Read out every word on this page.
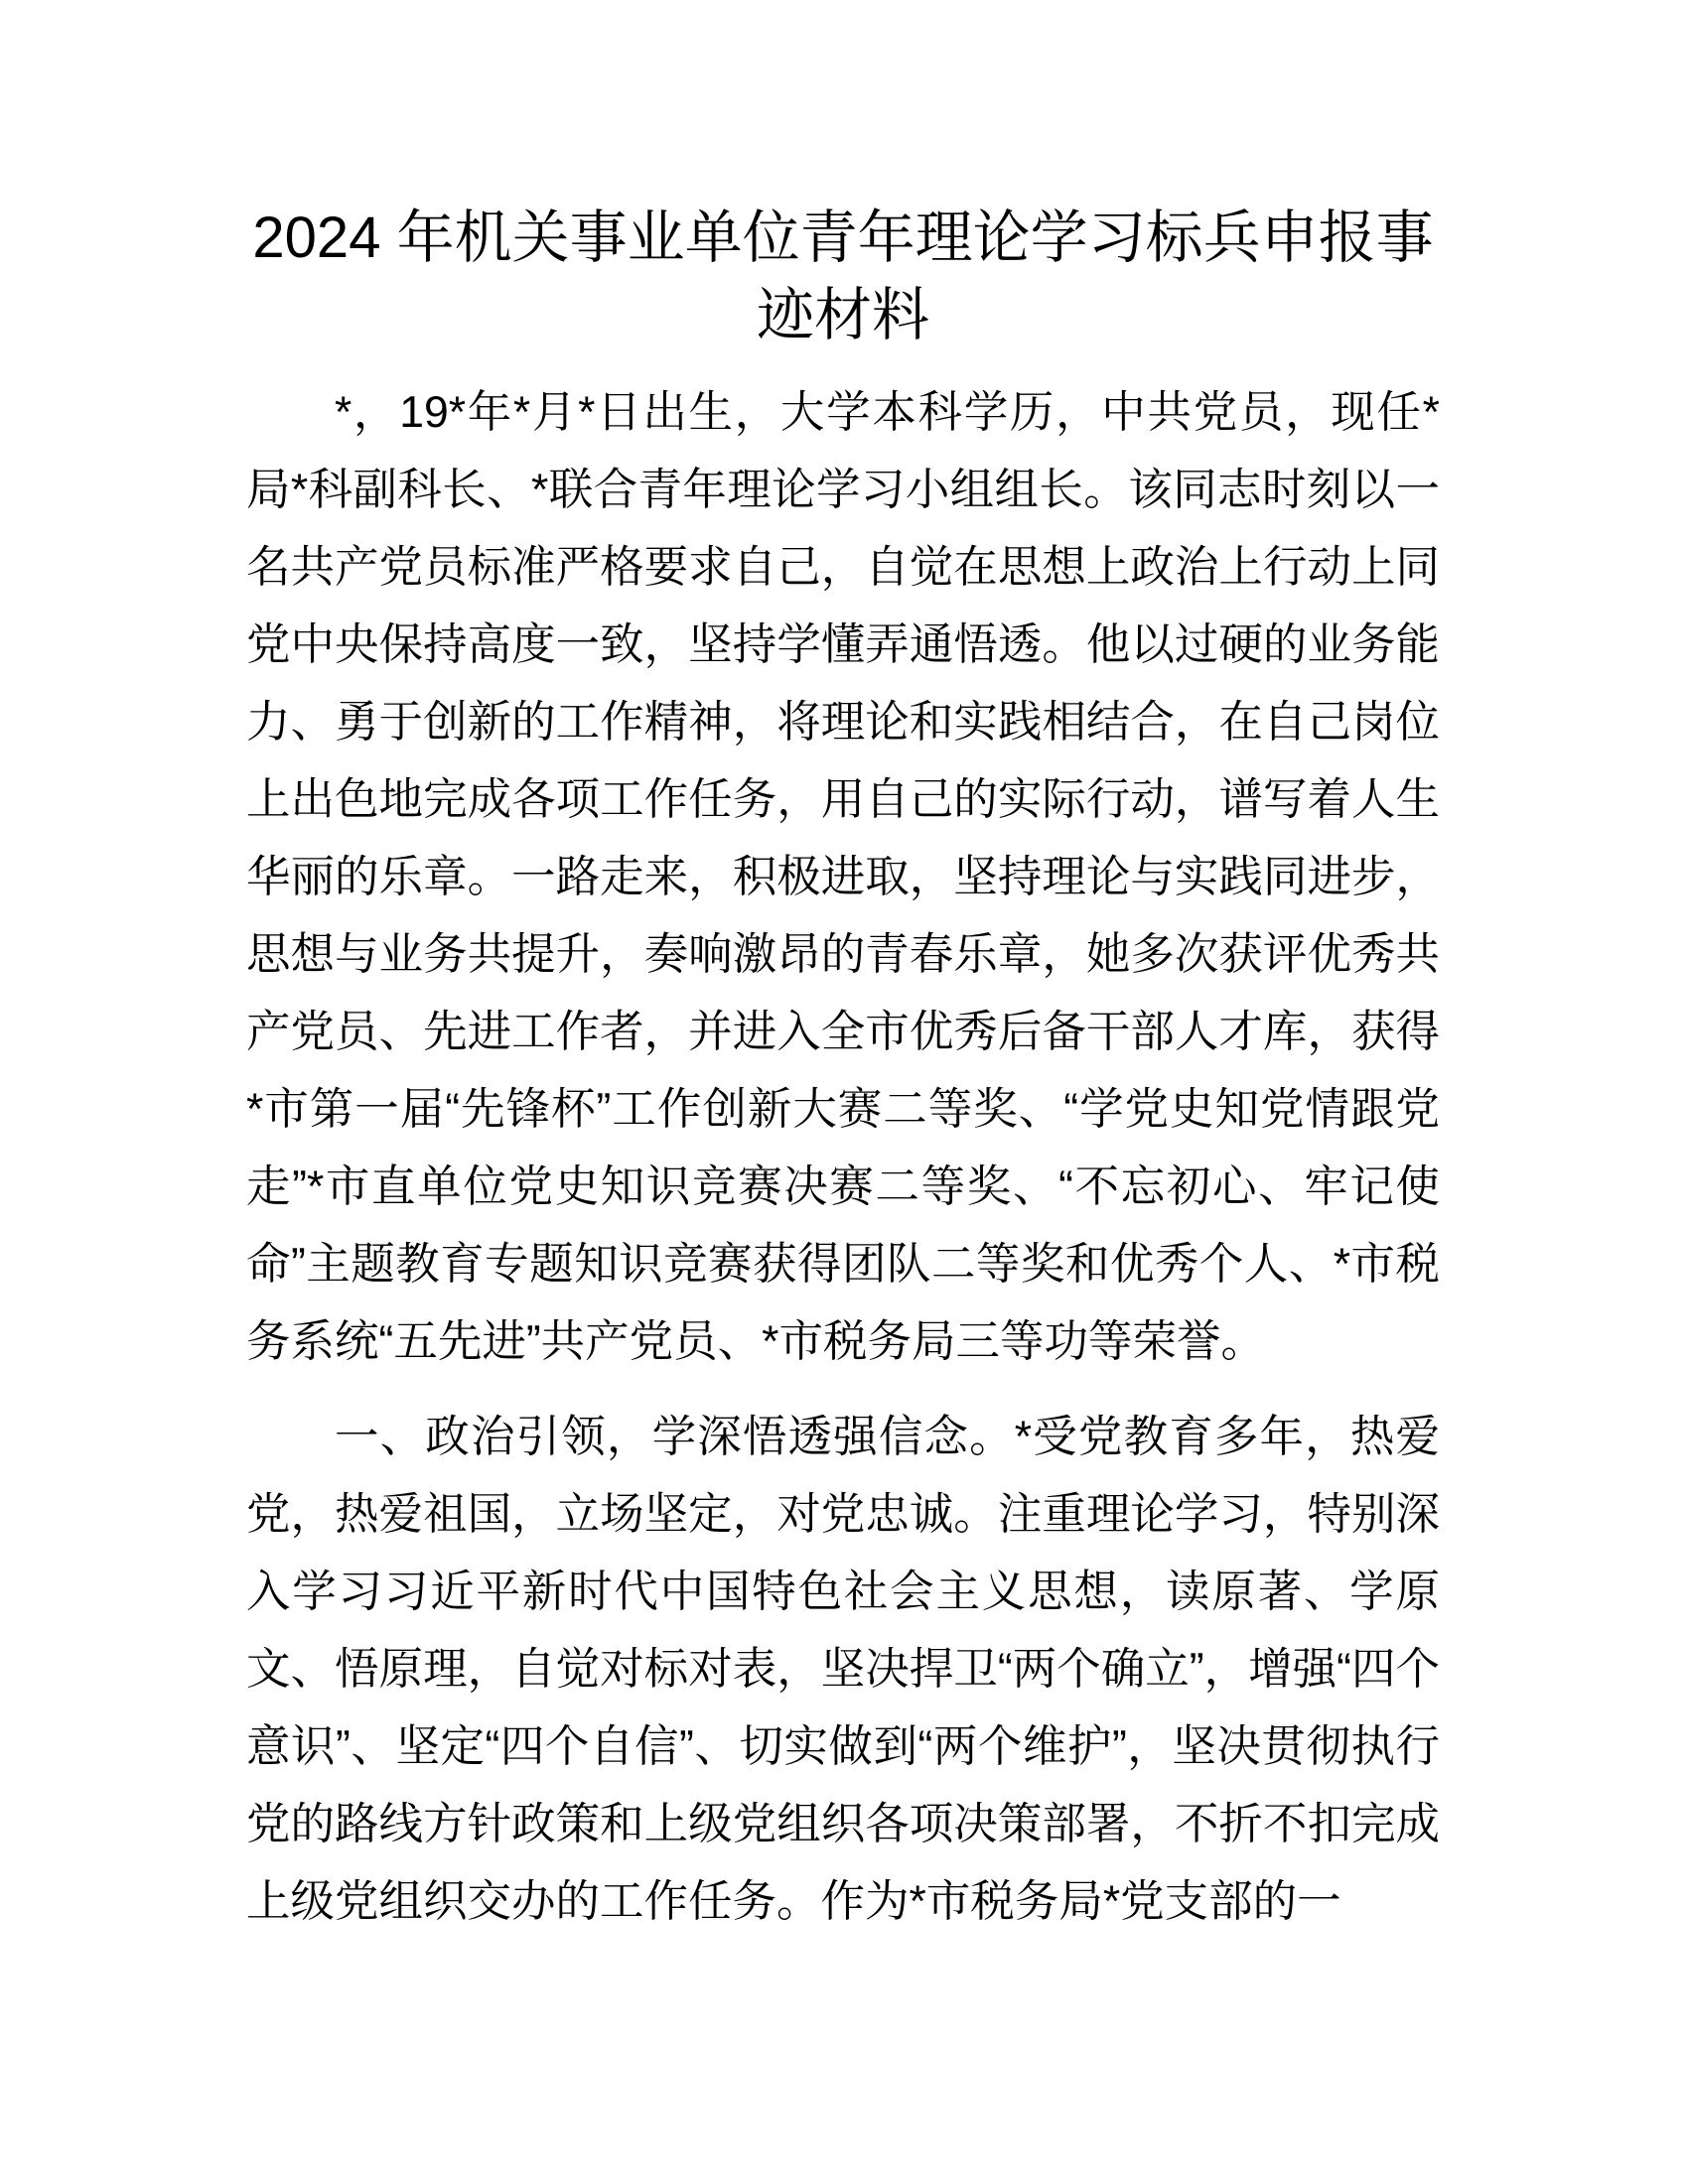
2024 年机关事业单位青年理论学习标兵申报事
迹材料

*，19*年*月*日出生，大学本科学历，中共党员，现任*局*科副科长、*联合青年理论学习小组组长。该同志时刻以一名共产党员标准严格要求自己，自觉在思想上政治上行动上同党中央保持高度一致，坚持学懂弄通悟透。他以过硬的业务能力、勇于创新的工作精神，将理论和实践相结合，在自己岗位上出色地完成各项工作任务，用自己的实际行动，谱写着人生华丽的乐章。一路走来，积极进取，坚持理论与实践同进步，思想与业务共提升，奏响激昂的青春乐章，她多次获评优秀共产党员、先进工作者，并进入全市优秀后备干部人才库，获得*市第一届“先锋杯”工作创新大赛二等奖、“学党史知党情跟党走”*市直单位党史知识竞赛决赛二等奖、“不忘初心、牢记使命”主题教育专题知识竞赛获得团队二等奖和优秀个人、*市税务系统“五先进”共产党员、*市税务局三等功等荣誉。

一、政治引领，学深悟透强信念。*受党教育多年，热爱党，热爱祖国，立场坚定，对党忠诚。注重理论学习，特别深入学习习近平新时代中国特色社会主义思想，读原著、学原文、悟原理，自觉对标对表，坚决捍卫“两个确立”，增强“四个意识”、坚定“四个自信”、切实做到“两个维护”，坚决贯彻执行党的路线方针政策和上级党组织各项决策部署，不折不扣完成上级党组织交办的工作任务。作为*市税务局*党支部的一
